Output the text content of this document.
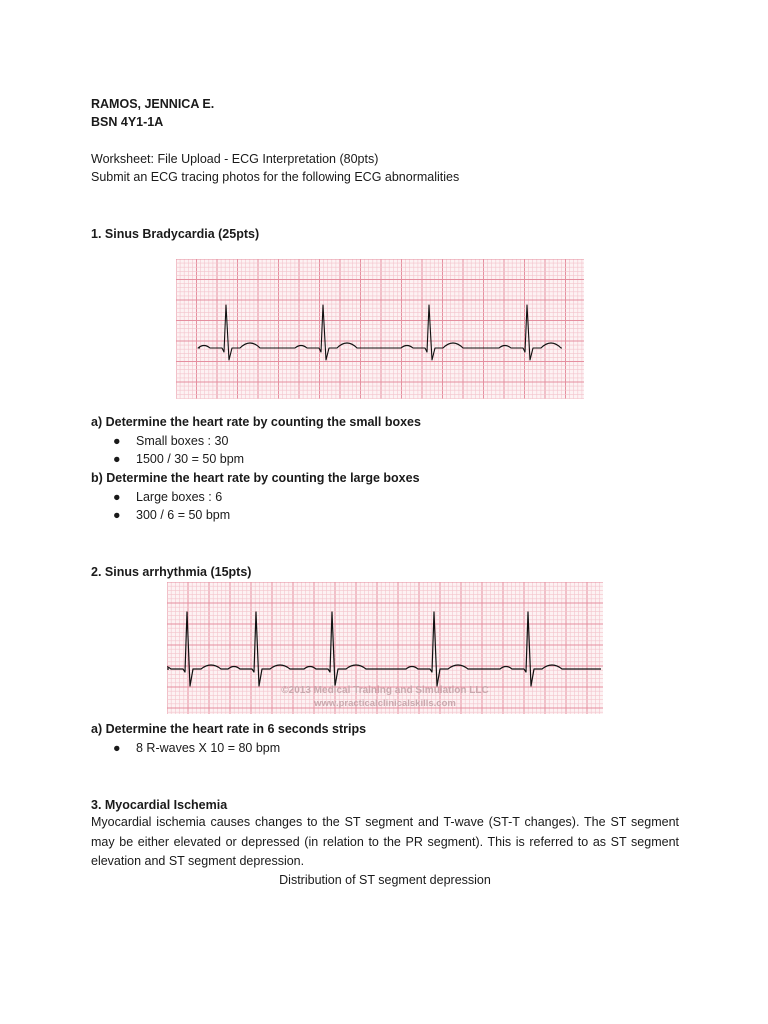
RAMOS, JENNICA E.
BSN 4Y1-1A
Worksheet: File Upload - ECG Interpretation (80pts)
Submit an ECG tracing photos for the following ECG abnormalities
1. Sinus Bradycardia (25pts)
a) Determine the heart rate by counting the small boxes
● Small boxes : 30
● 1500 / 30 = 50 bpm
b) Determine the heart rate by counting the large boxes
● Large boxes : 6
● 300 / 6 = 50 bpm
2. Sinus arrhythmia (15pts)
©2013 Medical Training and Simulation LLC
www.practicalclinicalskills.com
a) Determine the heart rate in 6 seconds strips
● 8 R-waves X 10 = 80 bpm
3. Myocardial Ischemia
Myocardial ischemia causes changes to the ST segment and T-wave (ST-T changes). The ST segment may be either elevated or depressed (in relation to the PR segment). This is referred to as ST segment elevation and ST segment depression.
Distribution of ST segment depression
